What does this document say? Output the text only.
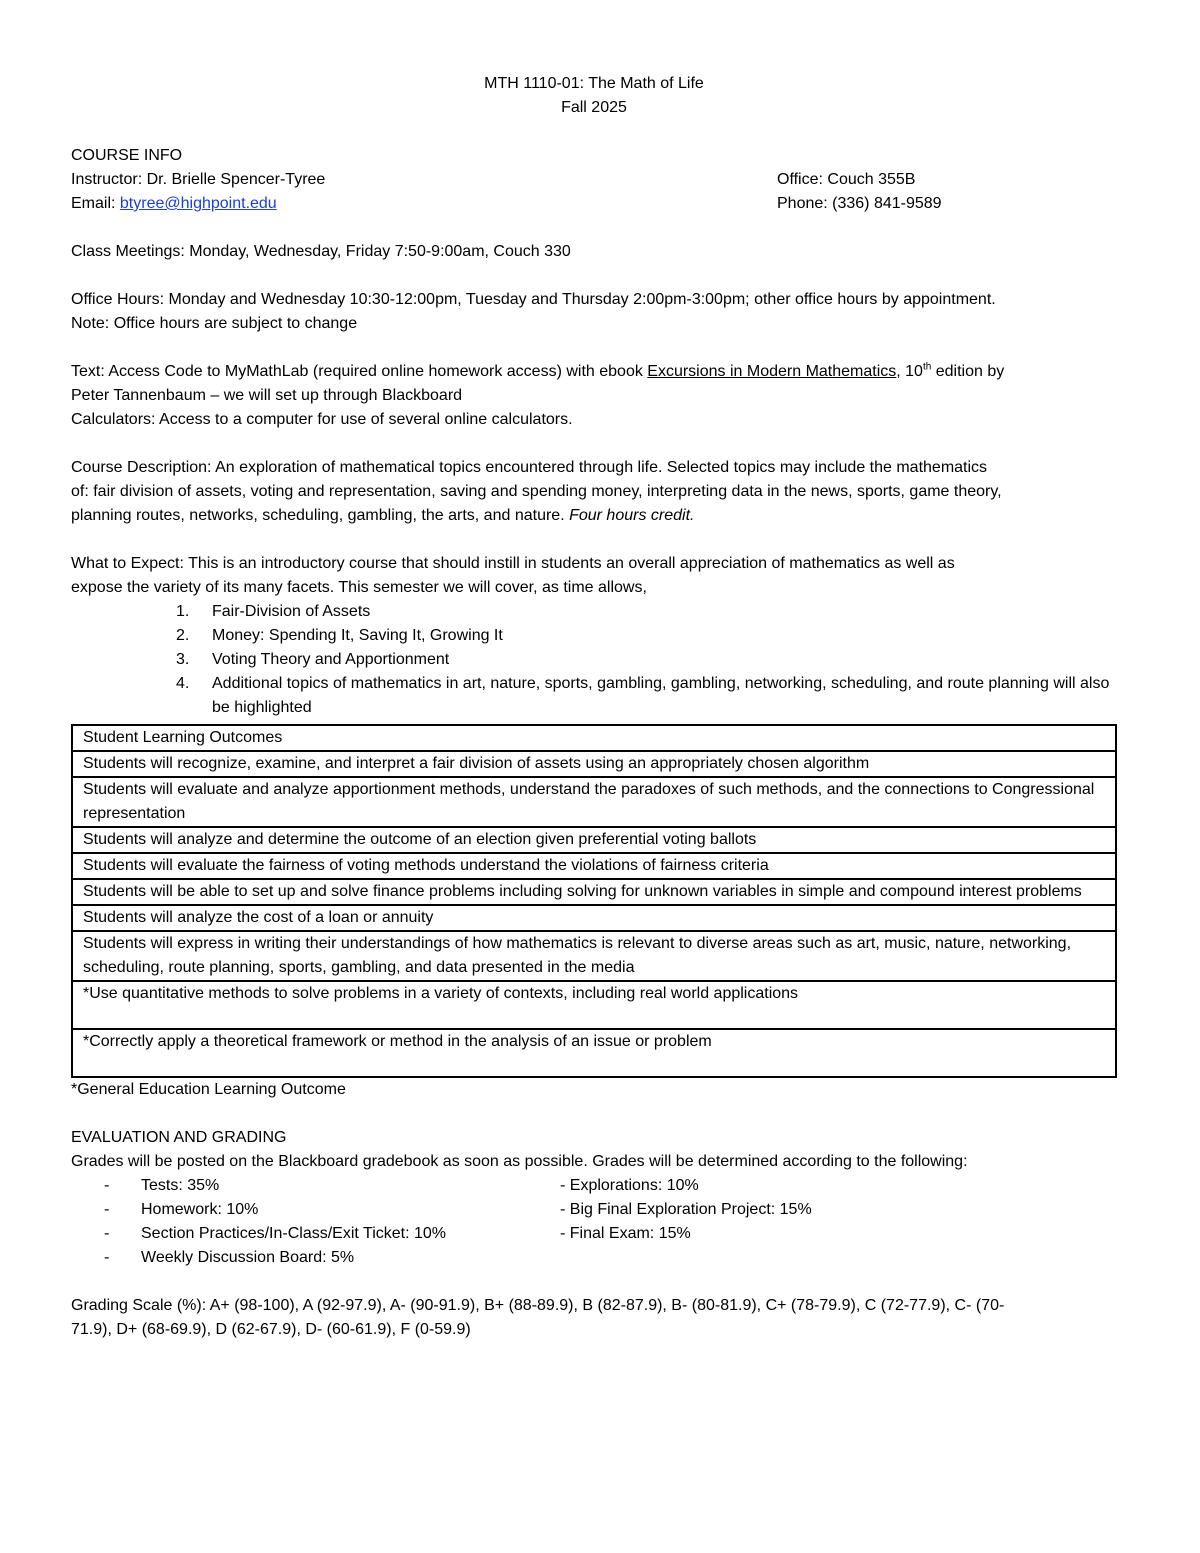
MTH 1110-01: The Math of Life
Fall 2025
COURSE INFO
Instructor: Dr. Brielle Spencer-Tyree	Office: Couch 355B
Email: btyree@highpoint.edu	Phone: (336) 841-9589
Class Meetings: Monday, Wednesday, Friday 7:50-9:00am, Couch 330
Office Hours: Monday and Wednesday 10:30-12:00pm, Tuesday and Thursday 2:00pm-3:00pm; other office hours by appointment.
Note: Office hours are subject to change
Text: Access Code to MyMathLab (required online homework access) with ebook Excursions in Modern Mathematics, 10th edition by
Peter Tannenbaum – we will set up through Blackboard
Calculators: Access to a computer for use of several online calculators.
Course Description: An exploration of mathematical topics encountered through life. Selected topics may include the mathematics
of: fair division of assets, voting and representation, saving and spending money, interpreting data in the news, sports, game theory,
planning routes, networks, scheduling, gambling, the arts, and nature. Four hours credit.
What to Expect: This is an introductory course that should instill in students an overall appreciation of mathematics as well as
expose the variety of its many facets. This semester we will cover, as time allows,
1. Fair-Division of Assets
2. Money: Spending It, Saving It, Growing It
3. Voting Theory and Apportionment
4. Additional topics of mathematics in art, nature, sports, gambling, gambling, networking, scheduling, and route planning will also be highlighted
Student Learning Outcomes
Students will recognize, examine, and interpret a fair division of assets using an appropriately chosen algorithm
Students will evaluate and analyze apportionment methods, understand the paradoxes of such methods, and the connections to Congressional representation
Students will analyze and determine the outcome of an election given preferential voting ballots
Students will evaluate the fairness of voting methods understand the violations of fairness criteria
Students will be able to set up and solve finance problems including solving for unknown variables in simple and compound interest problems
Students will analyze the cost of a loan or annuity
Students will express in writing their understandings of how mathematics is relevant to diverse areas such as art, music, nature, networking, scheduling, route planning, sports, gambling, and data presented in the media
*Use quantitative methods to solve problems in a variety of contexts, including real world applications
*Correctly apply a theoretical framework or method in the analysis of an issue or problem
*General Education Learning Outcome
EVALUATION AND GRADING
Grades will be posted on the Blackboard gradebook as soon as possible. Grades will be determined according to the following:
- Tests: 35%	- Explorations: 10%
- Homework: 10%	- Big Final Exploration Project: 15%
- Section Practices/In-Class/Exit Ticket: 10%	- Final Exam: 15%
- Weekly Discussion Board: 5%
Grading Scale (%): A+ (98-100), A (92-97.9), A- (90-91.9), B+ (88-89.9), B (82-87.9), B- (80-81.9), C+ (78-79.9), C (72-77.9), C- (70-
71.9), D+ (68-69.9), D (62-67.9), D- (60-61.9), F (0-59.9)
